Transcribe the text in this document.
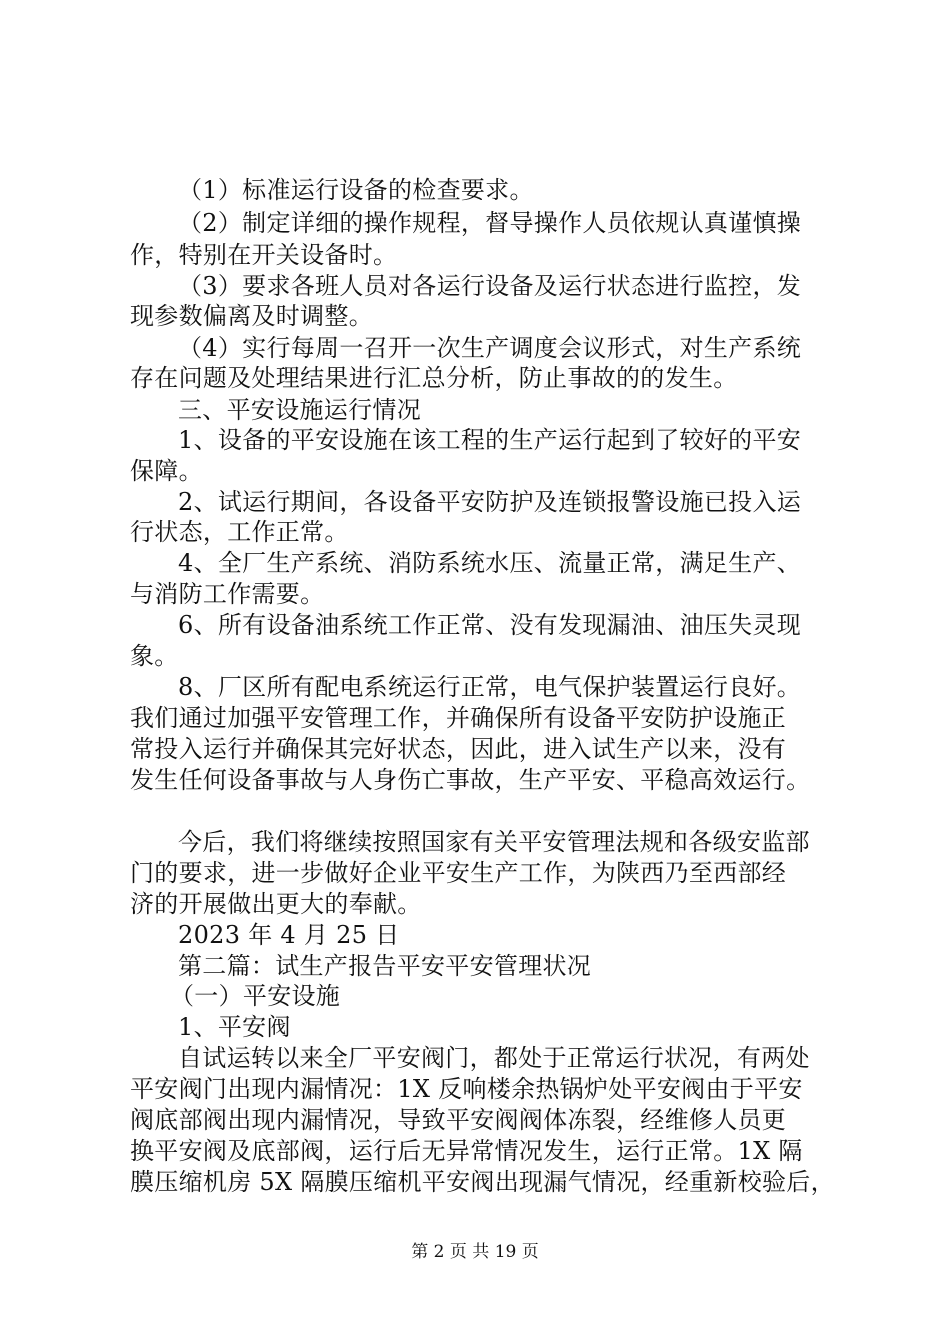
（1）标准运行设备的检查要求。
（2）制定详细的操作规程，督导操作人员依规认真谨慎操
作，特别在开关设备时。
（3）要求各班人员对各运行设备及运行状态进行监控，发
现参数偏离及时调整。
（4）实行每周一召开一次生产调度会议形式，对生产系统
存在问题及处理结果进行汇总分析，防止事故的的发生。
三、平安设施运行情况
1、设备的平安设施在该工程的生产运行起到了较好的平安
保障。
2、试运行期间，各设备平安防护及连锁报警设施已投入运
行状态，工作正常。
4、全厂生产系统、消防系统水压、流量正常，满足生产、
与消防工作需要。
6、所有设备油系统工作正常、没有发现漏油、油压失灵现
象。
8、厂区所有配电系统运行正常，电气保护装置运行良好。
我们通过加强平安管理工作，并确保所有设备平安防护设施正
常投入运行并确保其完好状态，因此，进入试生产以来，没有
发生任何设备事故与人身伤亡事故，生产平安、平稳高效运行。
今后，我们将继续按照国家有关平安管理法规和各级安监部
门的要求，进一步做好企业平安生产工作，为陕西乃至西部经
济的开展做出更大的奉献。
2023 年 4 月 25 日
第二篇：试生产报告平安平安管理状况
（一）平安设施
1、平安阀
自试运转以来全厂平安阀门，都处于正常运行状况，有两处
平安阀门出现内漏情况：1X 反响楼余热锅炉处平安阀由于平安
阀底部阀出现内漏情况，导致平安阀阀体冻裂，经维修人员更
换平安阀及底部阀，运行后无异常情况发生，运行正常。1X 隔
膜压缩机房 5X 隔膜压缩机平安阀出现漏气情况，经重新校验后，
第 2 页 共 19 页
